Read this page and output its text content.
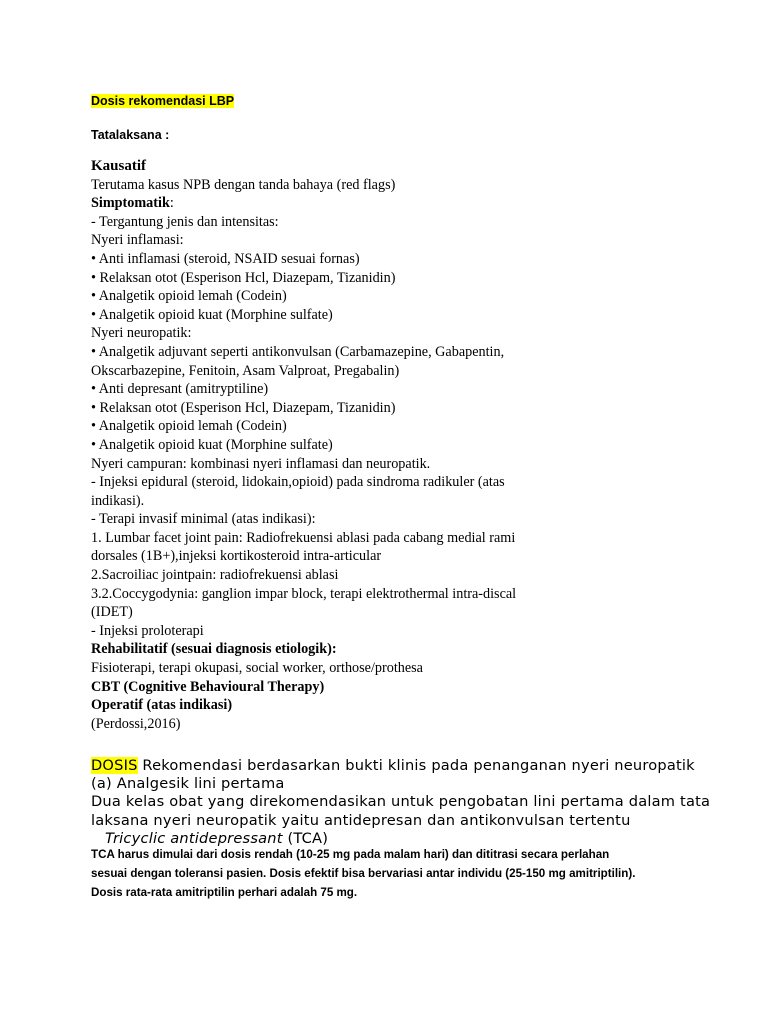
Dosis rekomendasi LBP
Tatalaksana :
Kausatif
Terutama kasus NPB dengan tanda bahaya (red flags)
Simptomatik:
- Tergantung jenis dan intensitas:
Nyeri inflamasi:
• Anti inflamasi (steroid, NSAID sesuai fornas)
• Relaksan otot (Esperison Hcl, Diazepam, Tizanidin)
• Analgetik opioid lemah (Codein)
• Analgetik opioid kuat (Morphine sulfate)
Nyeri neuropatik:
• Analgetik adjuvant seperti antikonvulsan (Carbamazepine, Gabapentin,
Okscarbazepine, Fenitoin, Asam Valproat, Pregabalin)
• Anti depresant (amitryptiline)
• Relaksan otot (Esperison Hcl, Diazepam, Tizanidin)
• Analgetik opioid lemah (Codein)
• Analgetik opioid kuat (Morphine sulfate)
Nyeri campuran: kombinasi nyeri inflamasi dan neuropatik.
- Injeksi epidural (steroid, lidokain,opioid) pada sindroma radikuler (atas
indikasi).
- Terapi invasif minimal (atas indikasi):
1. Lumbar facet joint pain: Radiofrekuensi ablasi pada cabang medial rami
dorsales (1B+),injeksi kortikosteroid intra-articular
2.Sacroiliac jointpain: radiofrekuensi ablasi
3.2.Coccygodynia: ganglion impar block, terapi elektrothermal intra-discal
(IDET)
- Injeksi proloterapi
Rehabilitatif (sesuai diagnosis etiologik):
Fisioterapi, terapi okupasi, social worker, orthose/prothesa
CBT (Cognitive Behavioural Therapy)
Operatif (atas indikasi)
(Perdossi,2016)
DOSIS Rekomendasi berdasarkan bukti klinis pada penanganan nyeri neuropatik
(a) Analgesik lini pertama
Dua kelas obat yang direkomendasikan untuk pengobatan lini pertama dalam tata
laksana nyeri neuropatik yaitu antidepresan dan antikonvulsan tertentu
Tricyclic antidepressant (TCA)
TCA harus dimulai dari dosis rendah (10-25 mg pada malam hari) dan dititrasi secara perlahan
sesuai dengan toleransi pasien. Dosis efektif bisa bervariasi antar individu (25-150 mg amitriptilin).
Dosis rata-rata amitriptilin perhari adalah 75 mg.
